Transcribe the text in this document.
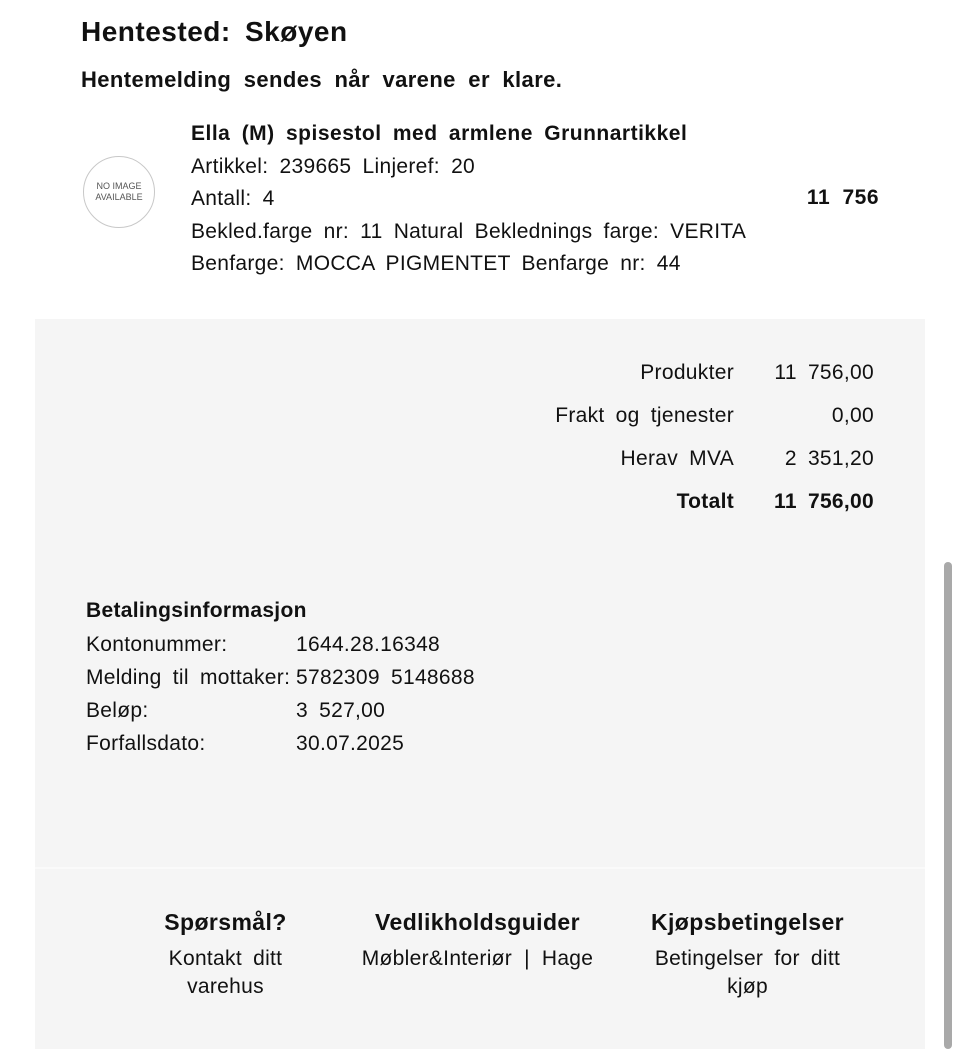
Hentested: Skøyen
Hentemelding sendes når varene er klare.
NO IMAGE
AVAILABLE
Ella (M) spisestol med armlene Grunnartikkel
Artikkel: 239665 Linjeref: 20
Antall: 4
Bekled.farge nr: 11 Natural Beklednings farge: VERITA
Benfarge: MOCCA PIGMENTET Benfarge nr: 44
11 756
Produkter	11 756,00
Frakt og tjenester	0,00
Herav MVA	2 351,20
Totalt	11 756,00
Betalingsinformasjon
Kontonummer:	1644.28.16348
Melding til mottaker: 5782309 5148688
Beløp:	3 527,00
Forfallsdato:	30.07.2025
Spørsmål?
Kontakt ditt varehus
Vedlikholdsguider
Møbler&Interiør | Hage
Kjøpsbetingelser
Betingelser for ditt kjøp
